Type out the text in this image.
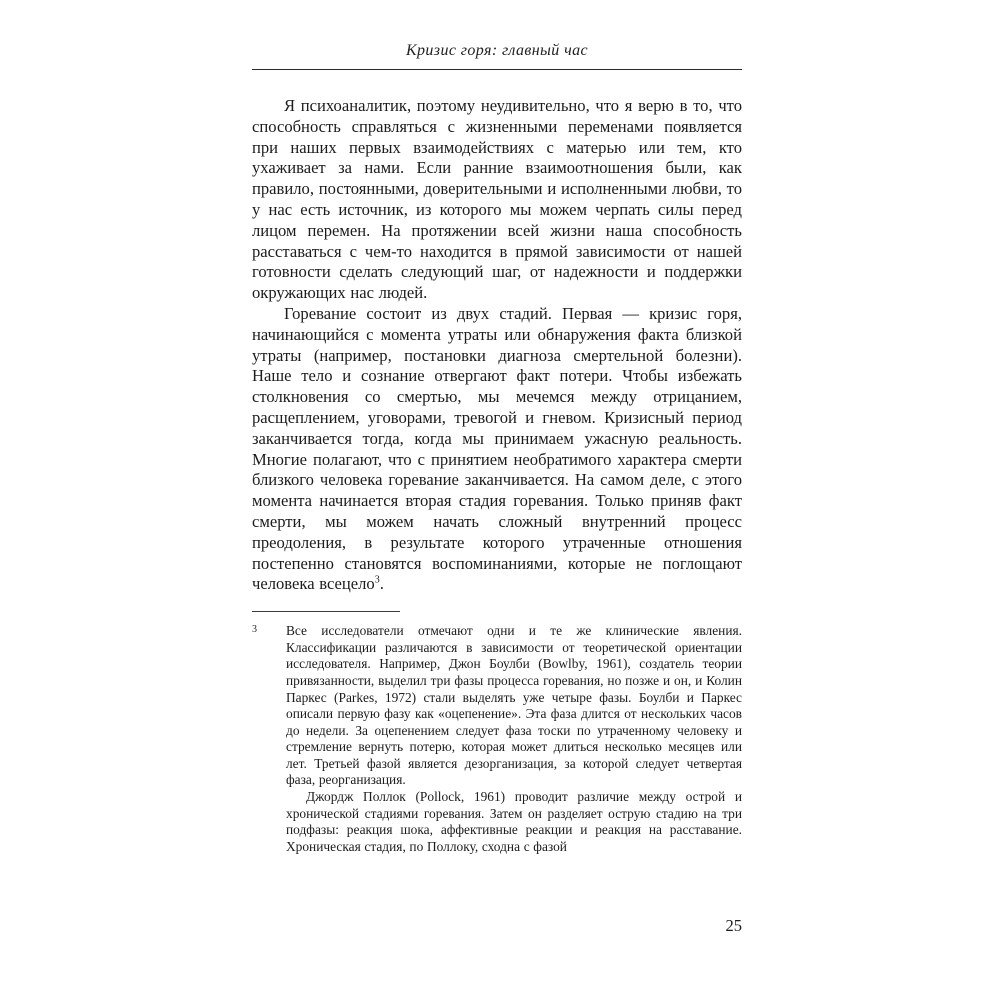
Кризис горя: главный час

Я психоаналитик, поэтому неудивительно, что я верю в то, что способность справляться с жизненными переменами появляется при наших первых взаимодействиях с матерью или тем, кто ухаживает за нами. Если ранние взаимоотношения были, как правило, постоянными, доверительными и исполненными любви, то у нас есть источник, из которого мы можем черпать силы перед лицом перемен. На протяжении всей жизни наша способность расставаться с чем-то находится в прямой зависимости от нашей готовности сделать следующий шаг, от надежности и поддержки окружающих нас людей.

Горевание состоит из двух стадий. Первая — кризис горя, начинающийся с момента утраты или обнаружения факта близкой утраты (например, постановки диагноза смертельной болезни). Наше тело и сознание отвергают факт потери. Чтобы избежать столкновения со смертью, мы мечемся между отрицанием, расщеплением, уговорами, тревогой и гневом. Кризисный период заканчивается тогда, когда мы принимаем ужасную реальность. Многие полагают, что с принятием необратимого характера смерти близкого человека горевание заканчивается. На самом деле, с этого момента начинается вторая стадия горевания. Только приняв факт смерти, мы можем начать сложный внутренний процесс преодоления, в результате которого утраченные отношения постепенно становятся воспоминаниями, которые не поглощают человека всецело$^3$.

3	Все исследователи отмечают одни и те же клинические явления. Классификации различаются в зависимости от теоретической ориентации исследователя. Например, Джон Боулби (Bowlby, 1961), создатель теории привязанности, выделил три фазы процесса горевания, но позже и он, и Колин Паркес (Parkes, 1972) стали выделять уже четыре фазы. Боулби и Паркес описали первую фазу как «оцепенение». Эта фаза длится от нескольких часов до недели. За оцепенением следует фаза тоски по утраченному человеку и стремление вернуть потерю, которая может длиться несколько месяцев или лет. Третьей фазой является дезорганизация, за которой следует четвертая фаза, реорганизация.

Джордж Поллок (Pollock, 1961) проводит различие между острой и хронической стадиями горевания. Затем он разделяет острую стадию на три подфазы: реакция шока, аффективные реакции и реакция на расставание. Хроническая стадия, по Поллоку, сходна с фазой

25
